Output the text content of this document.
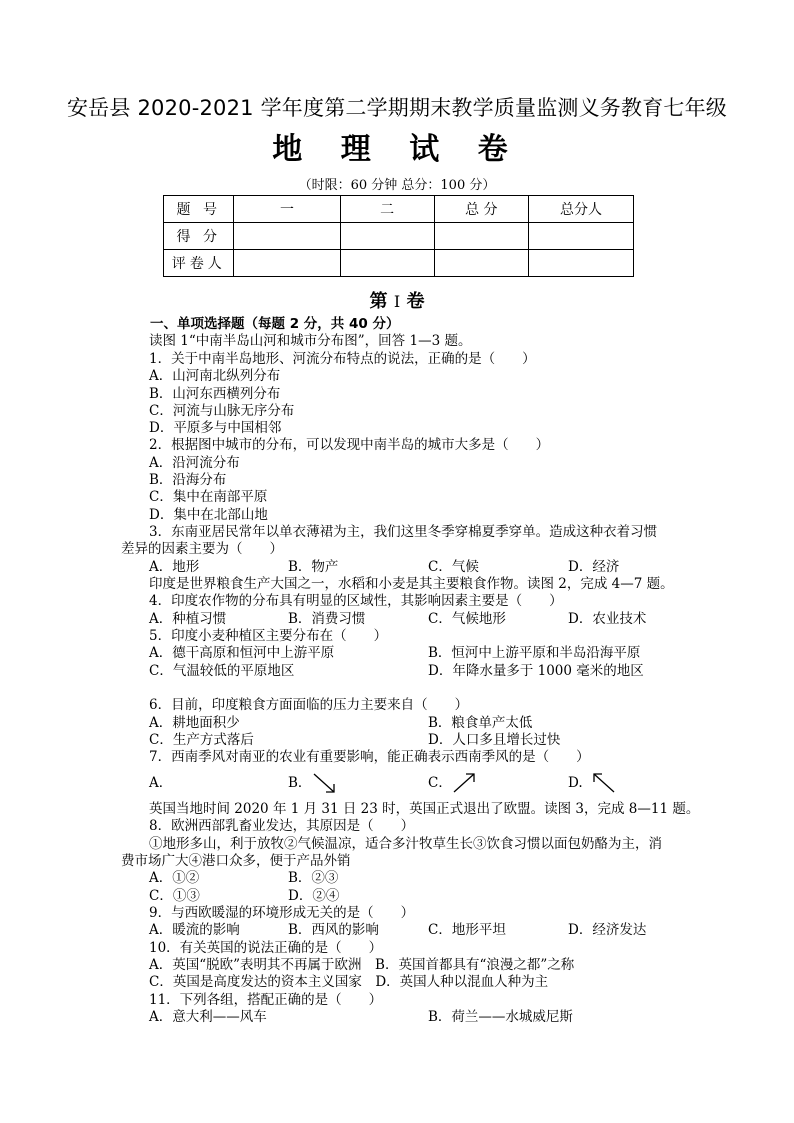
安岳县 2020-2021 学年度第二学期期末教学质量监测义务教育七年级
地 理 试 卷
（时限：60 分钟 总分：100 分）
题 号	一	二	总 分	总分人
得 分				
评卷人				
第 I 卷
一、单项选择题（每题 2 分，共 40 分）
读图 1“中南半岛山河和城市分布图”，回答 1—3 题。
1．关于中南半岛地形、河流分布特点的说法，正确的是（　　）
A．山河南北纵列分布
B．山河东西横列分布
C．河流与山脉无序分布
D．平原多与中国相邻
2．根据图中城市的分布，可以发现中南半岛的城市大多是（　　）
A．沿河流分布
B．沿海分布
C．集中在南部平原
D．集中在北部山地
3．东南亚居民常年以单衣薄裙为主，我们这里冬季穿棉夏季穿单。造成这种衣着习惯
差异的因素主要为（　　）
A．地形	B．物产	C．气候	D．经济
印度是世界粮食生产大国之一，水稻和小麦是其主要粮食作物。读图 2，完成 4—7 题。
4．印度农作物的分布具有明显的区域性，其影响因素主要是（　　）
A．种植习惯	B．消费习惯	C．气候地形	D．农业技术
5．印度小麦种植区主要分布在（　　）
A．德干高原和恒河中上游平原	B．恒河中上游平原和半岛沿海平原
C．气温较低的平原地区	D．年降水量多于 1000 毫米的地区
6．目前，印度粮食方面面临的压力主要来自（　　）
A．耕地面积少	B．粮食单产太低
C．生产方式落后	D．人口多且增长过快
7．西南季风对南亚的农业有重要影响，能正确表示西南季风的是（　　）
A．	B．	C．	D.
英国当地时间 2020 年 1 月 31 日 23 时，英国正式退出了欧盟。读图 3，完成 8—11 题。
8．欧洲西部乳畜业发达，其原因是（　　）
①地形多山，利于放牧②气候温凉，适合多汁牧草生长③饮食习惯以面包奶酪为主，消
费市场广大④港口众多，便于产品外销
A．①②	B．②③
C．①③	D．②④
9．与西欧暖湿的环境形成无关的是（　　）
A．暖流的影响	B．西风的影响	C．地形平坦	D．经济发达
10．有关英国的说法正确的是（　　）
A．英国“脱欧”表明其不再属于欧洲　B．英国首都具有“浪漫之都”之称
C．英国是高度发达的资本主义国家　D．英国人种以混血人种为主
11．下列各组，搭配正确的是（　　）
A．意大利——风车	B．荷兰——水城威尼斯
